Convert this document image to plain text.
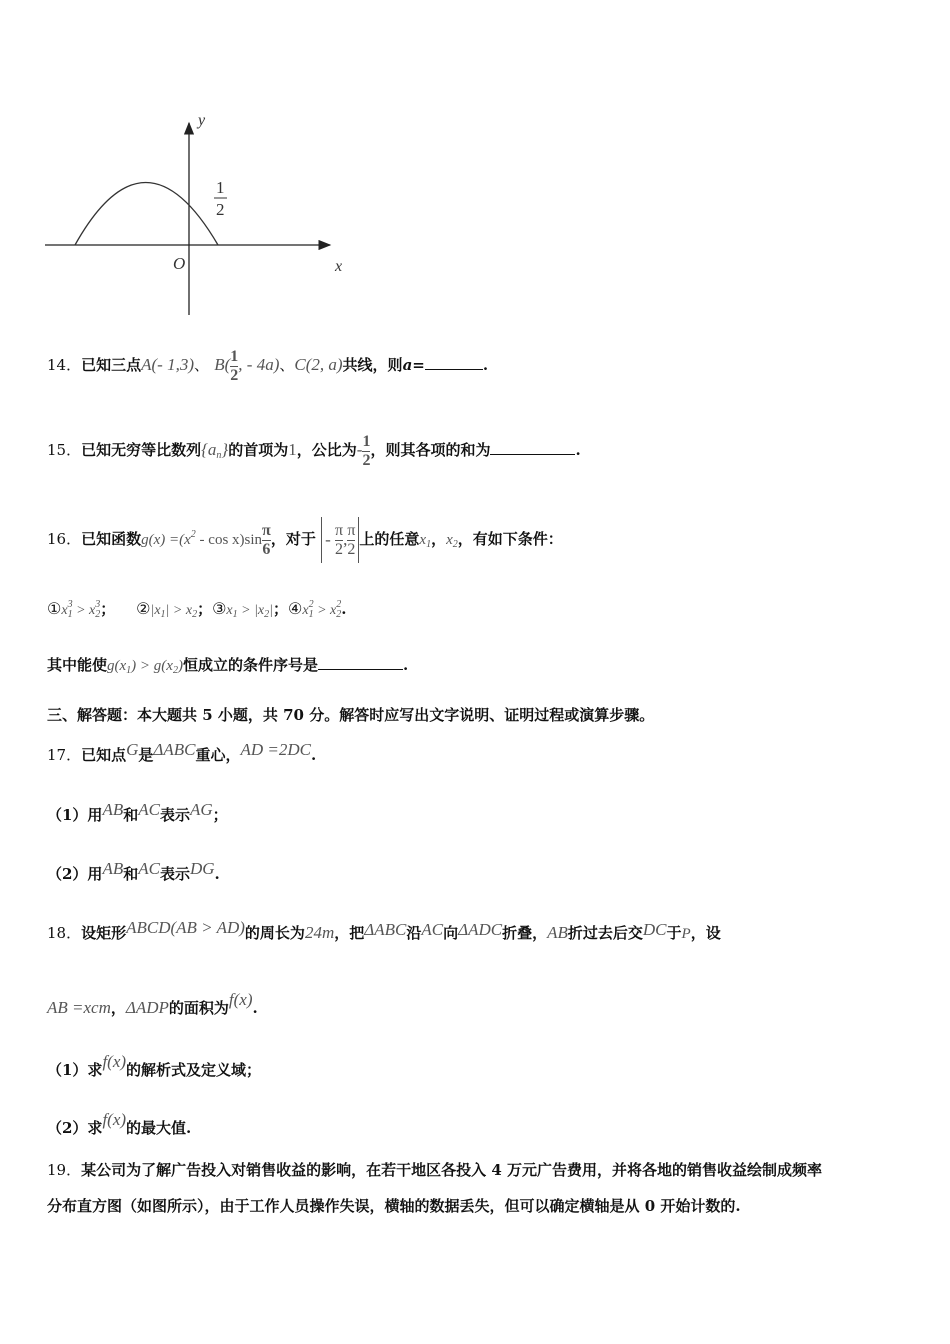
y
x
O
1
2
14．已知三点A(- 1,3)、 $B( \frac{1}{2}$ , - 4a)、C(2, a)共线，则a=	.
15．已知无穷等比数列$\{a_n\}$的首项为1，公比为- $\frac{1}{2}$ ，则其各项的和为	.
16．已知函数$g(x) =(x^2 - \cos x)\sin \frac{\pi}{6}$ ，对于 -
$\frac{\pi}{2}$ , $\frac{\pi}{2}$ 上的任意$x_1$，$x_2$，有如下条件：
$①x^3_1 > x^3_2$； $②|x_1| > x_2$；$③x_1 > |x_2|$；$④x^2_1 > x^2_2$.
其中能使$g(x_1) > g(x_2)$恒成立的条件序号是	.
三、解答题：本大题共 5 小题，共 70 分。解答时应写出文字说明、证明过程或演算步骤。
17．已知点G是ΔABC重心，AD =2DC.
（1）用AB和AC表示AG；
（2）用AB和AC表示DG.
18．设矩形ABCD(AB > AD)的周长为24m，把ΔABC沿AC向ΔADC折叠，AB折过去后交DC于P，设
AB =xcm，ΔADP的面积为f(x).
（1）求f(x)的解析式及定义域；
（2）求f(x)的最大值.
19．某公司为了解广告投入对销售收益的影响，在若干地区各投入 4 万元广告费用，并将各地的销售收益绘制成频率
分布直方图（如图所示），由于工作人员操作失误，横轴的数据丢失，但可以确定横轴是从 0 开始计数的.
